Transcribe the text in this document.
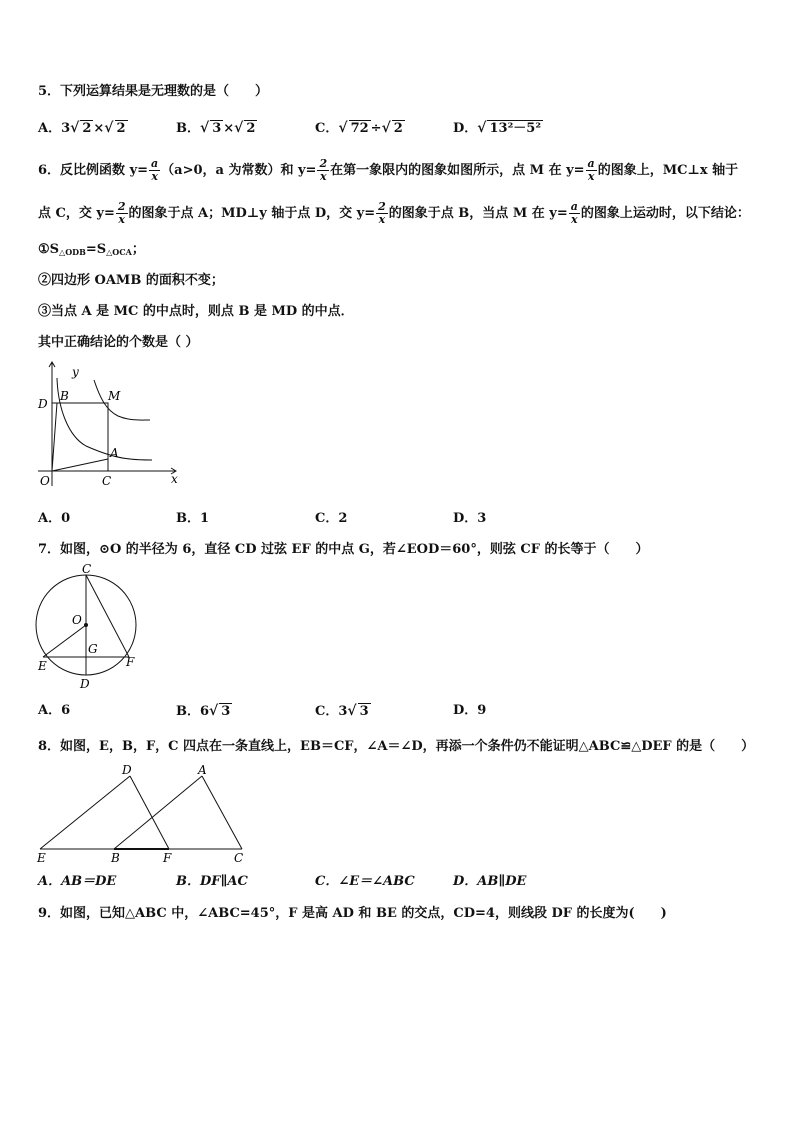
5．下列运算结果是无理数的是（　　）
A．3√ 2 ×√ 2	B．√ 3 ×√ 2	C．√ 72 ÷√ 2	D．√ 13²－5²
6．反比例函数 $y= \frac{a}{x} (a>0$，a 为常数）和 $y= \frac{2}{x}$ 在第一象限内的图象如图所示，点 M 在 $y= \frac{a}{x}$ 的图象上，MC⊥x 轴于
点 C，交 $y= \frac{2}{x}$ 的图象于点 A；MD⊥y 轴于点 D，交 $y= \frac{2}{x}$ 的图象于点 B，当点 M 在 $y= \frac{a}{x}$ 的图象上运动时，以下结论：
$①S_{\triangle ODB}=S_{\triangle OCA}$；
②四边形 OAMB 的面积不变；
③当点 A 是 MC 的中点时，则点 B 是 MD 的中点．
其中正确结论的个数是（ ）
y
x
D
B	M
A
O	C
A．0	B．1	C．2	D．3
7．如图，⊙O 的半径为 6，直径 CD 过弦 EF 的中点 G，若∠EOD＝60°，则弦 CF 的长等于（　　）
C
O
G
E	F
D
A．6	B．6√ 3	C．3√ 3	D．9
8．如图，E，B，F，C 四点在一条直线上，EB＝CF，∠A＝∠D，再添一个条件仍不能证明△ABC≌△DEF 的是（　　）
D	A
E	B	F	C
A．AB＝DE	B．DF∥AC	C．∠E＝∠ABC	D．AB∥DE
9．如图，已知△ABC 中，∠ABC=45°，F 是高 AD 和 BE 的交点，CD=4，则线段 DF 的长度为(　　)
